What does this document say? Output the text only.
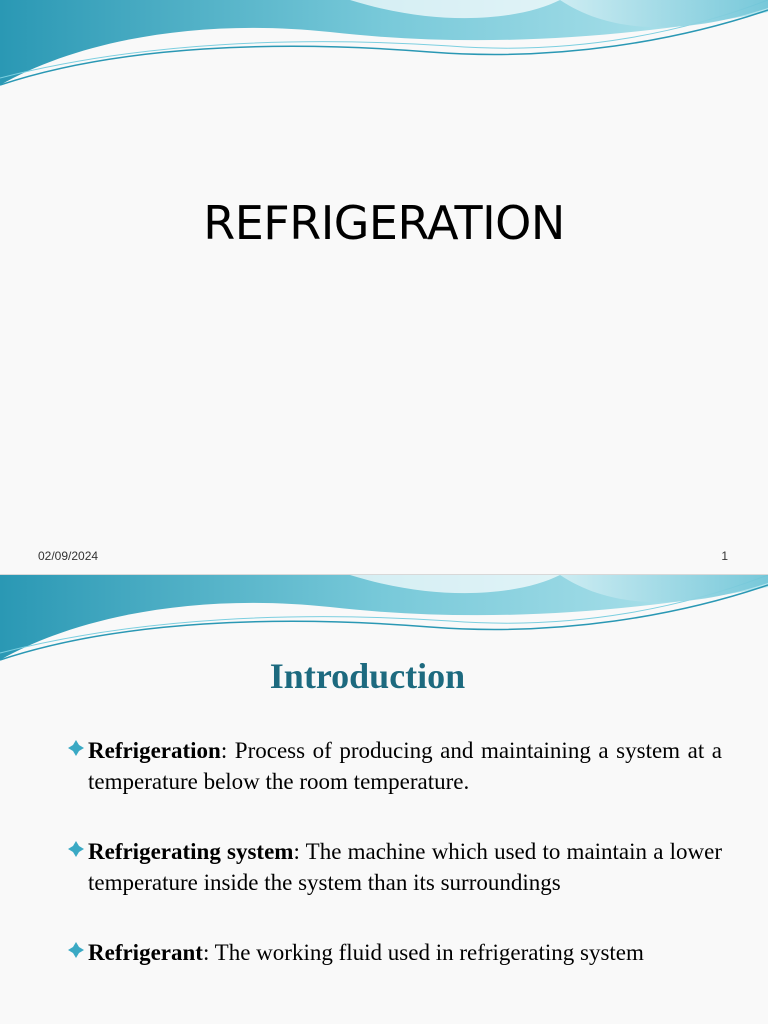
REFRIGERATION
02/09/2024	1
Introduction
Refrigeration: Process of producing and maintaining a system at a temperature below the room temperature.
Refrigerating system: The machine which used to maintain a lower temperature inside the system than its surroundings
Refrigerant: The working fluid used in refrigerating system
